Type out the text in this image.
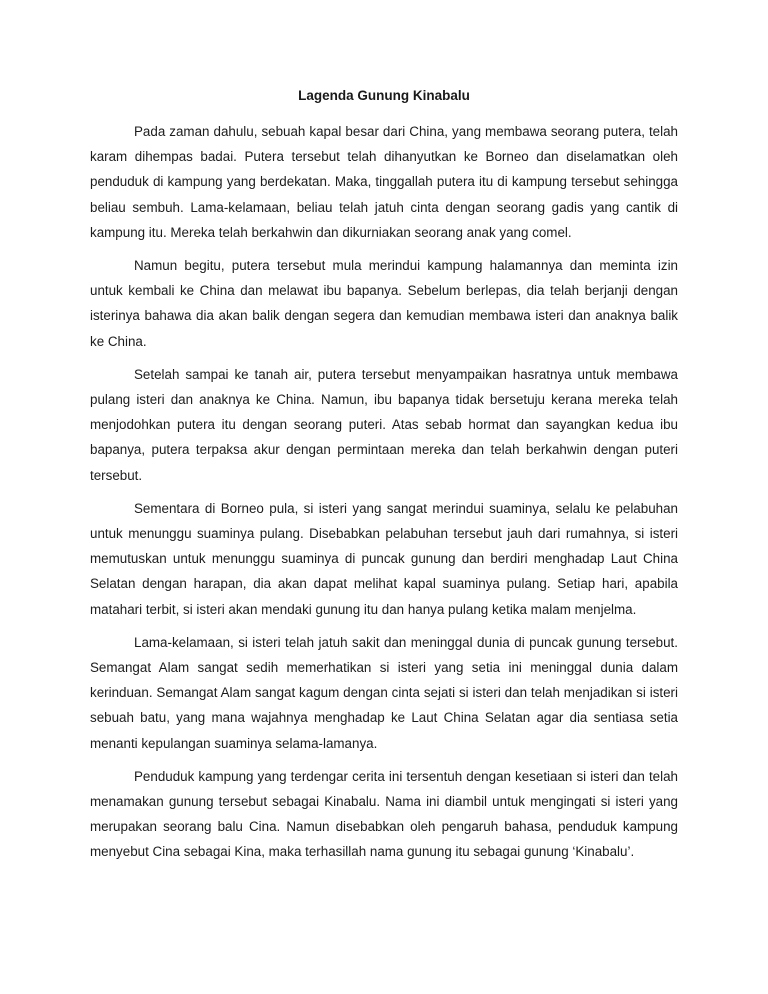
Lagenda Gunung Kinabalu

Pada zaman dahulu, sebuah kapal besar dari China, yang membawa seorang putera, telah karam dihempas badai. Putera tersebut telah dihanyutkan ke Borneo dan diselamatkan oleh penduduk di kampung yang berdekatan. Maka, tinggallah putera itu di kampung tersebut sehingga beliau sembuh. Lama-kelamaan, beliau telah jatuh cinta dengan seorang gadis yang cantik di kampung itu. Mereka telah berkahwin dan dikurniakan seorang anak yang comel.

Namun begitu, putera tersebut mula merindui kampung halamannya dan meminta izin untuk kembali ke China dan melawat ibu bapanya. Sebelum berlepas, dia telah berjanji dengan isterinya bahawa dia akan balik dengan segera dan kemudian membawa isteri dan anaknya balik ke China.

Setelah sampai ke tanah air, putera tersebut menyampaikan hasratnya untuk membawa pulang isteri dan anaknya ke China. Namun, ibu bapanya tidak bersetuju kerana mereka telah menjodohkan putera itu dengan seorang puteri. Atas sebab hormat dan sayangkan kedua ibu bapanya, putera terpaksa akur dengan permintaan mereka dan telah berkahwin dengan puteri tersebut.

Sementara di Borneo pula, si isteri yang sangat merindui suaminya, selalu ke pelabuhan untuk menunggu suaminya pulang. Disebabkan pelabuhan tersebut jauh dari rumahnya, si isteri memutuskan untuk menunggu suaminya di puncak gunung dan berdiri menghadap Laut China Selatan dengan harapan, dia akan dapat melihat kapal suaminya pulang. Setiap hari, apabila matahari terbit, si isteri akan mendaki gunung itu dan hanya pulang ketika malam menjelma.

Lama-kelamaan, si isteri telah jatuh sakit dan meninggal dunia di puncak gunung tersebut. Semangat Alam sangat sedih memerhatikan si isteri yang setia ini meninggal dunia dalam kerinduan. Semangat Alam sangat kagum dengan cinta sejati si isteri dan telah menjadikan si isteri sebuah batu, yang mana wajahnya menghadap ke Laut China Selatan agar dia sentiasa setia menanti kepulangan suaminya selama-lamanya.

Penduduk kampung yang terdengar cerita ini tersentuh dengan kesetiaan si isteri dan telah menamakan gunung tersebut sebagai Kinabalu. Nama ini diambil untuk mengingati si isteri yang merupakan seorang balu Cina. Namun disebabkan oleh pengaruh bahasa, penduduk kampung menyebut Cina sebagai Kina, maka terhasillah nama gunung itu sebagai gunung ‘Kinabalu’.
